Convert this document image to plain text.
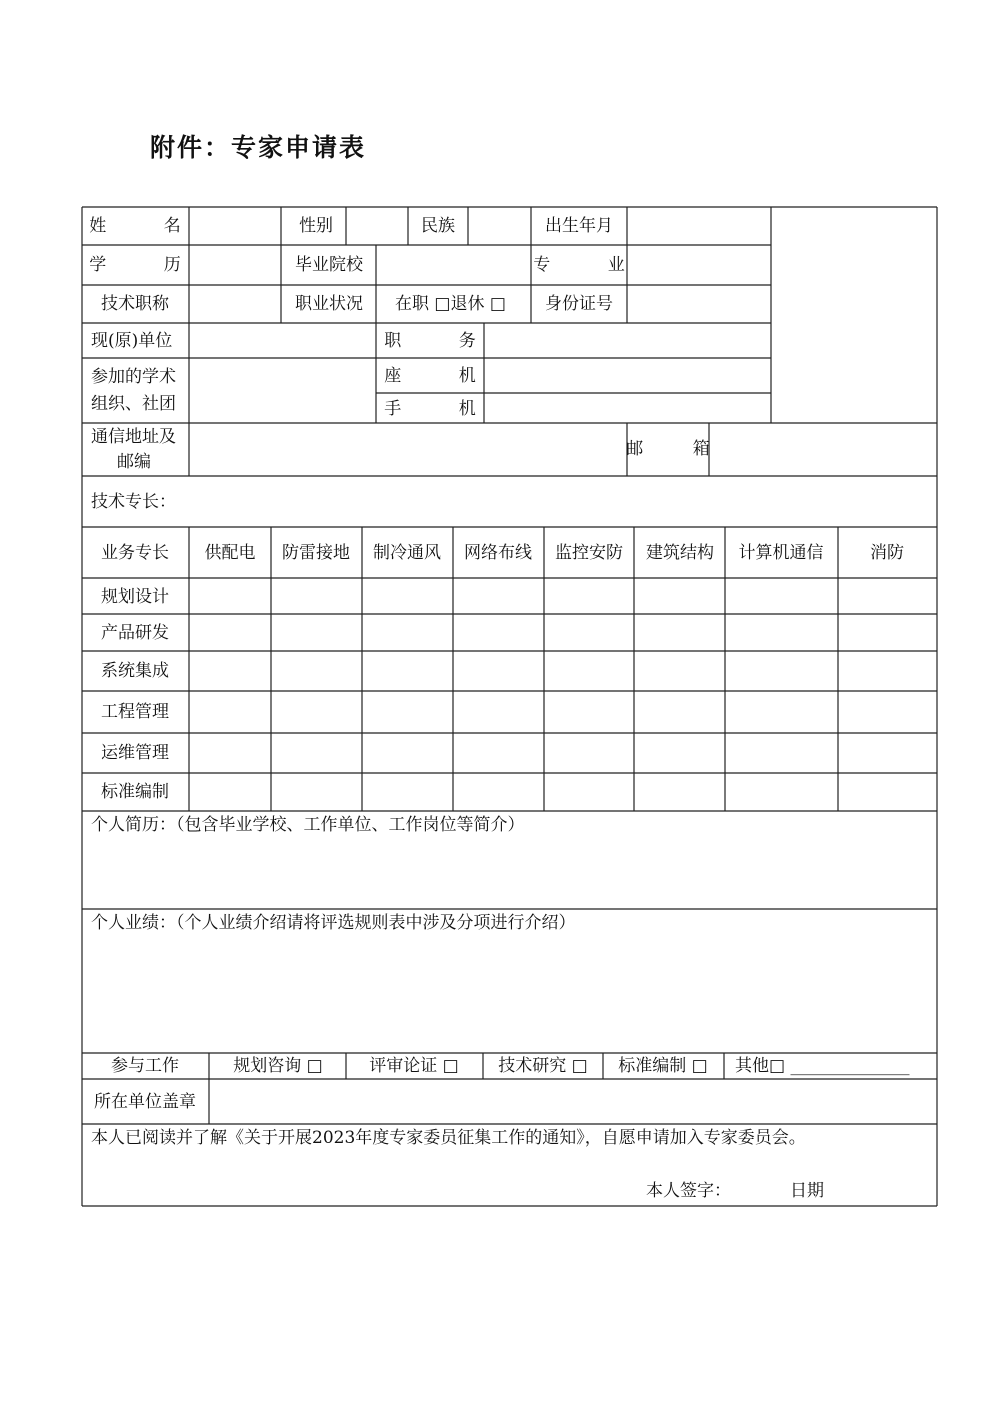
附件：专家申请表
姓 名	性别	民族	出生年月
学 历	毕业院校	专 业
技术职称	职业状况 在职 □退休 □ 身份证号
现(原)单位	职 务
参加的学术
组织、社团
座 机
手 机
通信地址及
邮编
邮 箱
技术专长：
业务专长 供配电 防雷接地 制冷通风 网络布线 监控安防 建筑结构 计算机通信	消防
规划设计
产品研发
系统集成
工程管理
运维管理
标准编制
个人简历：（包含毕业学校、工作单位、工作岗位等简介）
个人业绩：（个人业绩介绍请将评选规则表中涉及分项进行介绍）
参与工作	规划咨询 □	评审论证 □ 技术研究 □ 标准编制 □ 其他□ ______________
所在单位盖章
本人已阅读并了解《关于开展2023年度专家委员征集工作的通知》，自愿申请加入专家委员会。
本人签字：	日期
